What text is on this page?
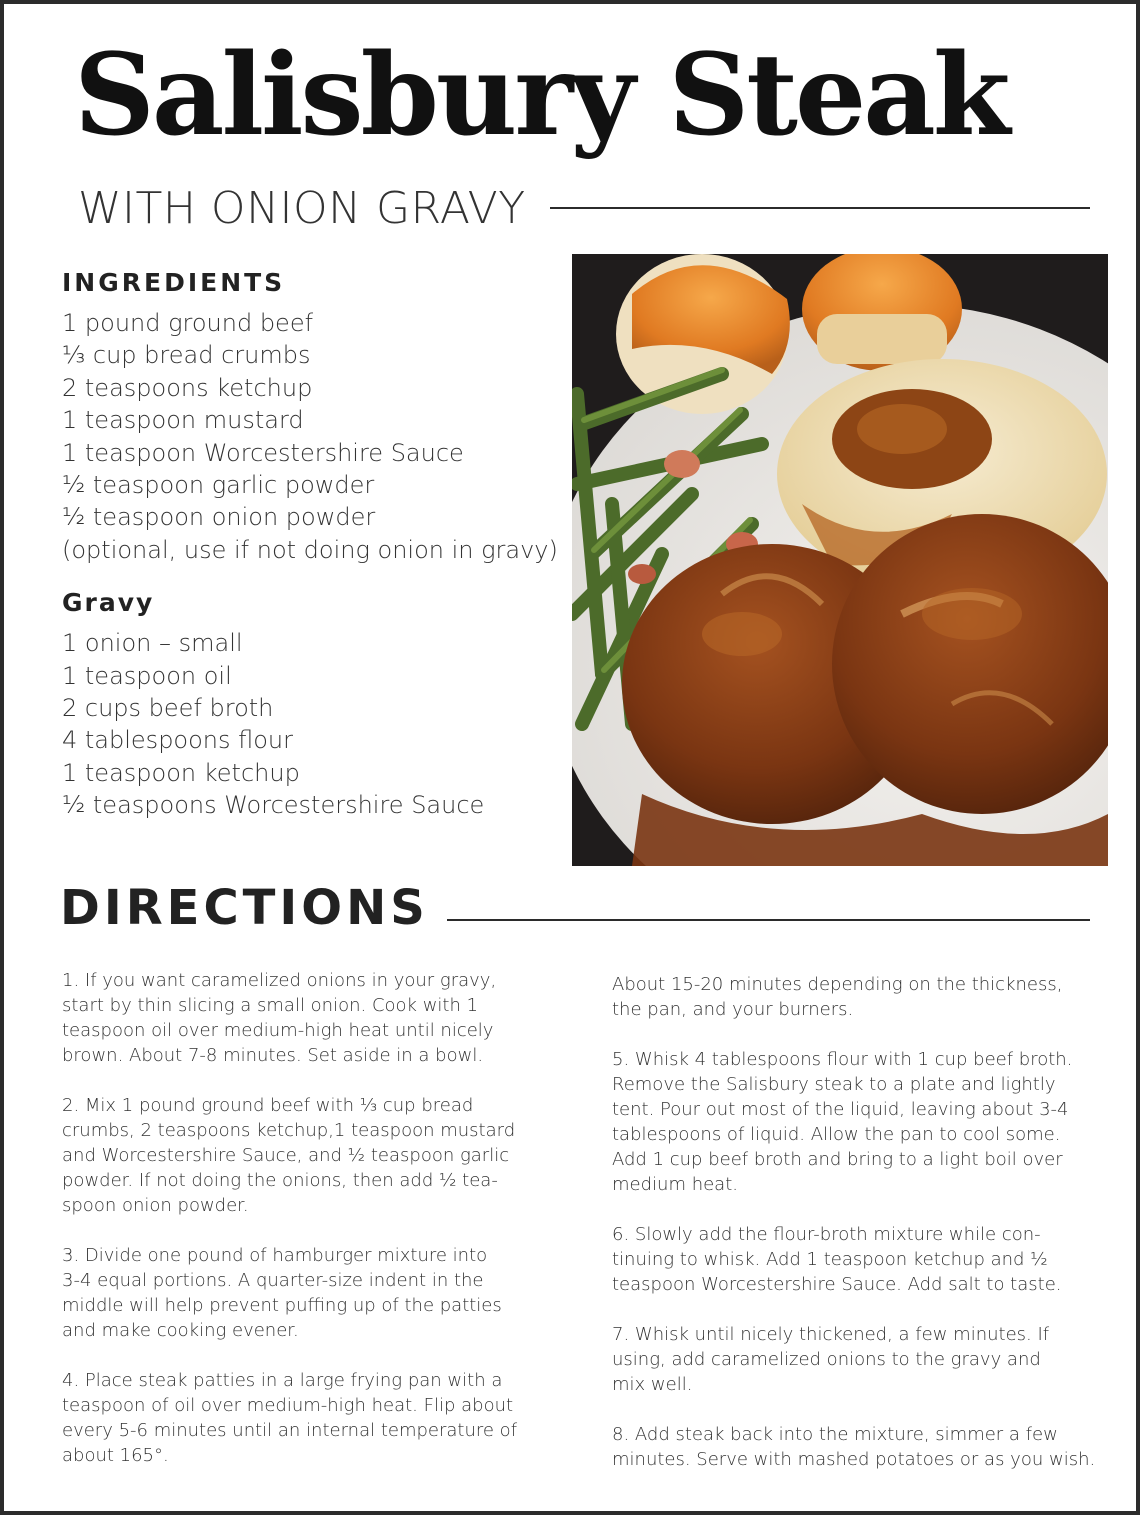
Salisbury Steak
WITH ONION GRAVY
INGREDIENTS
1 pound ground beef
⅓ cup bread crumbs
2 teaspoons ketchup
1 teaspoon mustard
1 teaspoon Worcestershire Sauce
½ teaspoon garlic powder
½ teaspoon onion powder
(optional, use if not doing onion in gravy)
Gravy
1 onion – small
1 teaspoon oil
2 cups beef broth
4 tablespoons flour
1 teaspoon ketchup
½ teaspoons Worcestershire Sauce
DIRECTIONS

1. If you want caramelized onions in your gravy,
start by thin slicing a small onion. Cook with 1
teaspoon oil over medium-high heat until nicely
brown. About 7-8 minutes. Set aside in a bowl.

2. Mix 1 pound ground beef with ⅓ cup bread
crumbs, 2 teaspoons ketchup,1 teaspoon mustard
and Worcestershire Sauce, and ½ teaspoon garlic
powder. If not doing the onions, then add ½ tea-
spoon onion powder.

3. Divide one pound of hamburger mixture into
3-4 equal portions. A quarter-size indent in the
middle will help prevent puffing up of the patties
and make cooking evener.

4. Place steak patties in a large frying pan with a
teaspoon of oil over medium-high heat. Flip about
every 5-6 minutes until an internal temperature of
about 165°.

About 15-20 minutes depending on the thickness,
the pan, and your burners.

5. Whisk 4 tablespoons flour with 1 cup beef broth.
Remove the Salisbury steak to a plate and lightly
tent. Pour out most of the liquid, leaving about 3-4
tablespoons of liquid. Allow the pan to cool some.
Add 1 cup beef broth and bring to a light boil over
medium heat.

6. Slowly add the flour-broth mixture while con-
tinuing to whisk. Add 1 teaspoon ketchup and ½
teaspoon Worcestershire Sauce. Add salt to taste.

7. Whisk until nicely thickened, a few minutes. If
using, add caramelized onions to the gravy and
mix well.

8. Add steak back into the mixture, simmer a few
minutes. Serve with mashed potatoes or as you wish.
